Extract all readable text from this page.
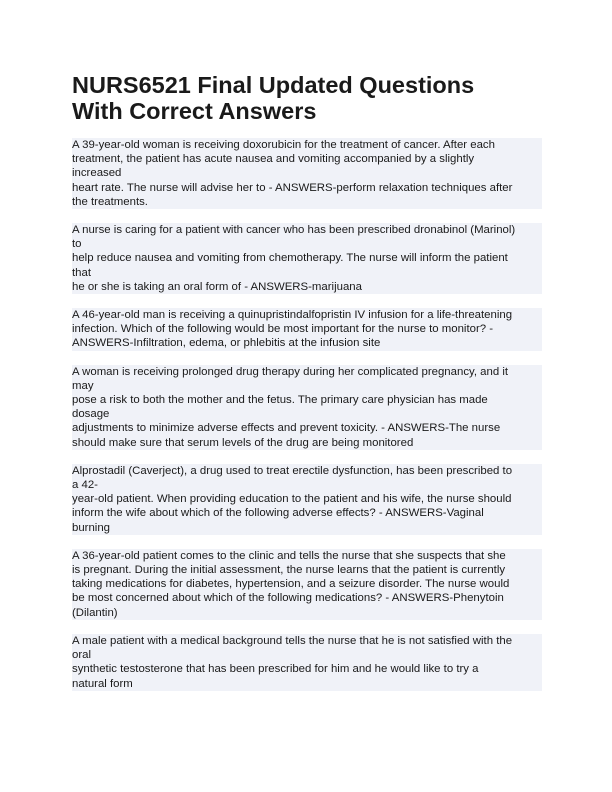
NURS6521 Final Updated Questions
With Correct Answers
A 39-year-old woman is receiving doxorubicin for the treatment of cancer. After each
treatment, the patient has acute nausea and vomiting accompanied by a slightly
increased
heart rate. The nurse will advise her to - ANSWERS-perform relaxation techniques after
the treatments.
A nurse is caring for a patient with cancer who has been prescribed dronabinol (Marinol)
to
help reduce nausea and vomiting from chemotherapy. The nurse will inform the patient
that
he or she is taking an oral form of - ANSWERS-marijuana
A 46-year-old man is receiving a quinupristindalfopristin IV infusion for a life-threatening
infection. Which of the following would be most important for the nurse to monitor? -
ANSWERS-Infiltration, edema, or phlebitis at the infusion site
A woman is receiving prolonged drug therapy during her complicated pregnancy, and it
may
pose a risk to both the mother and the fetus. The primary care physician has made
dosage
adjustments to minimize adverse effects and prevent toxicity. - ANSWERS-The nurse
should make sure that serum levels of the drug are being monitored
Alprostadil (Caverject), a drug used to treat erectile dysfunction, has been prescribed to
a 42-
year-old patient. When providing education to the patient and his wife, the nurse should
inform the wife about which of the following adverse effects? - ANSWERS-Vaginal
burning
A 36-year-old patient comes to the clinic and tells the nurse that she suspects that she
is pregnant. During the initial assessment, the nurse learns that the patient is currently
taking medications for diabetes, hypertension, and a seizure disorder. The nurse would
be most concerned about which of the following medications? - ANSWERS-Phenytoin
(Dilantin)
A male patient with a medical background tells the nurse that he is not satisfied with the
oral
synthetic testosterone that has been prescribed for him and he would like to try a
natural form
